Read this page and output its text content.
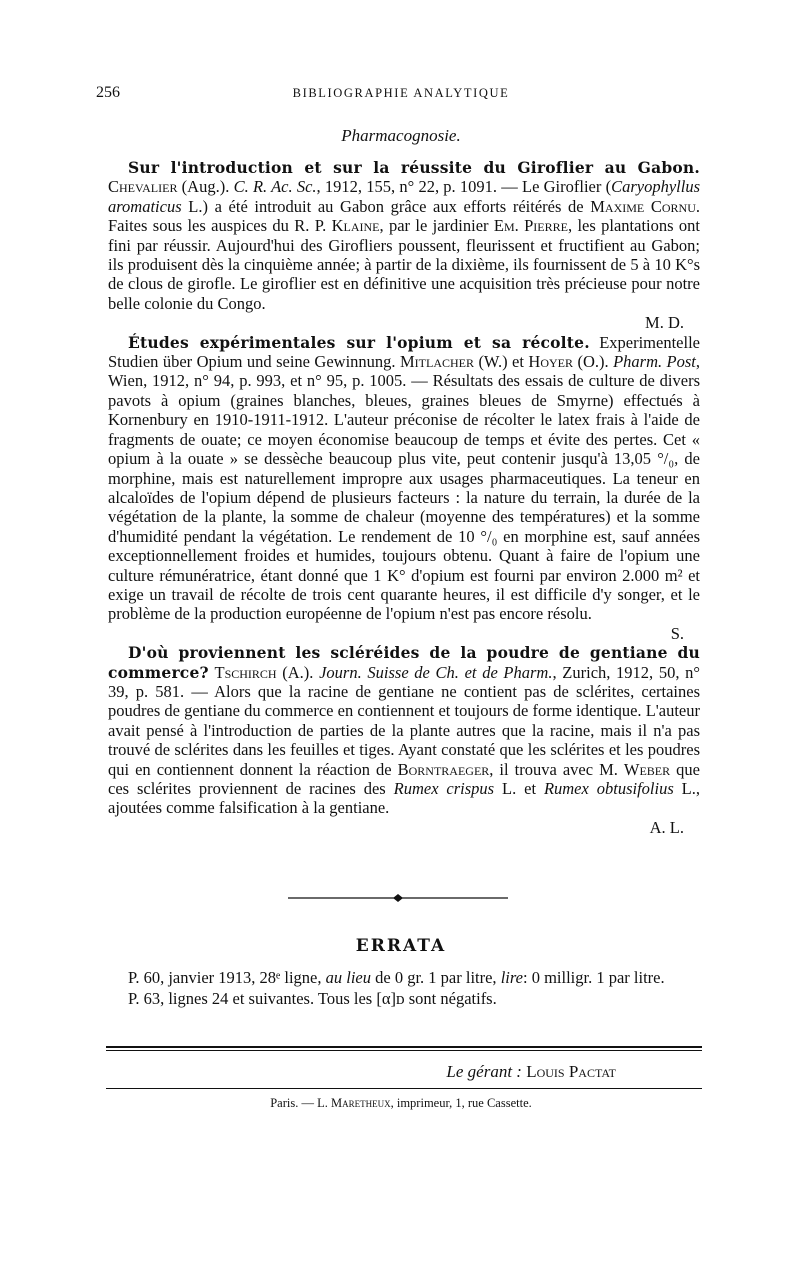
256	BIBLIOGRAPHIE ANALYTIQUE
Pharmacognosie.

Sur l'introduction et sur la réussite du Giroflier au Gabon. Chevalier (Aug.). C. R. Ac. Sc., 1912, 155, n° 22, p. 1091. — Le Giroflier (Caryophyllus aromaticus L.) a été introduit au Gabon grâce aux efforts réitérés de Maxime Cornu. Faites sous les auspices du R. P. Klaine, par le jardinier Em. Pierre, les plantations ont fini par réussir. Aujourd'hui des Girofliers poussent, fleurissent et fructifient au Gabon; ils produisent dès la cinquième année; à partir de la dixième, ils fournissent de 5 à 10 K°s de clous de girofle. Le giroflier est en définitive une acquisition très précieuse pour notre belle colonie du Congo.

M. D.

Études expérimentales sur l'opium et sa récolte. Experimentelle Studien über Opium und seine Gewinnung. Mitlacher (W.) et Hoyer (O.). Pharm. Post, Wien, 1912, n° 94, p. 993, et n° 95, p. 1005. — Résultats des essais de culture de divers pavots à opium (graines blanches, bleues, graines bleues de Smyrne) effectués à Kornenbury en 1910-1911-1912. L'auteur préconise de récolter le latex frais à l'aide de fragments de ouate; ce moyen économise beaucoup de temps et évite des pertes. Cet « opium à la ouate » se dessèche beaucoup plus vite, peut contenir jusqu'à 13,05 °/₀, de morphine, mais est naturellement impropre aux usages pharmaceutiques. La teneur en alcaloïdes de l'opium dépend de plusieurs facteurs : la nature du terrain, la durée de la végétation de la plante, la somme de chaleur (moyenne des températures) et la somme d'humidité pendant la végétation. Le rendement de 10 °/₀ en morphine est, sauf années exceptionnellement froides et humides, toujours obtenu. Quant à faire de l'opium une culture rémunératrice, étant donné que 1 K° d'opium est fourni par environ 2.000 m² et exige un travail de récolte de trois cent quarante heures, il est difficile d'y songer, et le problème de la production européenne de l'opium n'est pas encore résolu.

S.

D'où proviennent les scléréides de la poudre de gentiane du commerce? Tschirch (A.). Journ. Suisse de Ch. et de Pharm., Zurich, 1912, 50, n° 39, p. 581. — Alors que la racine de gentiane ne contient pas de sclérites, certaines poudres de gentiane du commerce en contiennent et toujours de forme identique. L'auteur avait pensé à l'introduction de parties de la plante autres que la racine, mais il n'a pas trouvé de sclérites dans les feuilles et tiges. Ayant constaté que les sclérites et les poudres qui en contiennent donnent la réaction de Borntraeger, il trouva avec M. Weber que ces sclérites proviennent de racines des Rumex crispus L. et Rumex obtusifolius L., ajoutées comme falsification à la gentiane.

A. L.
ERRATA

P. 60, janvier 1913, 28ᵉ ligne, au lieu de 0 gr. 1 par litre, lire: 0 milligr. 1 par litre.

P. 63, lignes 24 et suivantes. Tous les [α]ᴅ sont négatifs.

Le gérant : Louis Pactat
Paris. — L. Maretheux, imprimeur, 1, rue Cassette.
